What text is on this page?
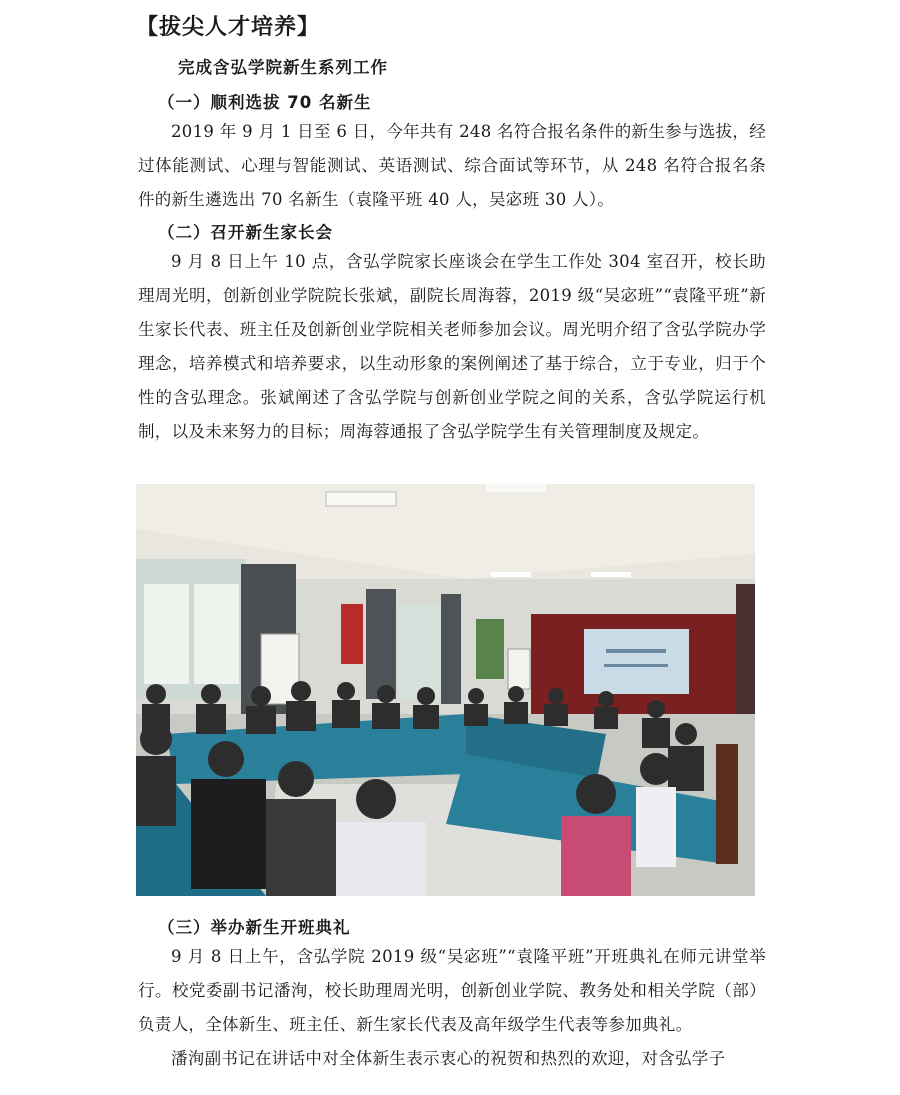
【拔尖人才培养】
完成含弘学院新生系列工作
（一）顺利选拔 70 名新生
2019 年 9 月 1 日至 6 日，今年共有 248 名符合报名条件的新生参与选拔，经过体能测试、心理与智能测试、英语测试、综合面试等环节，从 248 名符合报名条件的新生遴选出 70 名新生（袁隆平班 40 人，吴宓班 30 人）。
（二）召开新生家长会
9 月 8 日上午 10 点，含弘学院家长座谈会在学生工作处 304 室召开，校长助理周光明，创新创业学院院长张斌，副院长周海蓉，2019 级“吴宓班”“袁隆平班”新生家长代表、班主任及创新创业学院相关老师参加会议。周光明介绍了含弘学院办学理念，培养模式和培养要求，以生动形象的案例阐述了基于综合，立于专业，归于个性的含弘理念。张斌阐述了含弘学院与创新创业学院之间的关系，含弘学院运行机制，以及未来努力的目标；周海蓉通报了含弘学院学生有关管理制度及规定。
（三）举办新生开班典礼
9 月 8 日上午，含弘学院 2019 级“吴宓班”“袁隆平班”开班典礼在师元讲堂举行。校党委副书记潘洵，校长助理周光明，创新创业学院、教务处和相关学院（部）负责人，全体新生、班主任、新生家长代表及高年级学生代表等参加典礼。
潘洵副书记在讲话中对全体新生表示衷心的祝贺和热烈的欢迎，对含弘学子
